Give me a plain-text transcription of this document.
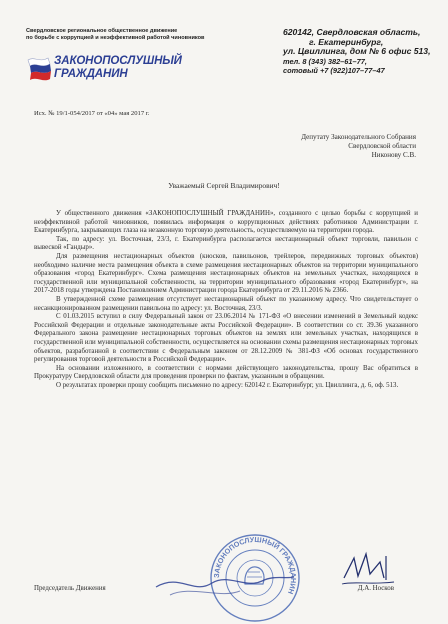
Свердловское региональное общественное движение
по борьбе с коррупцией и неэффективной работой чиновников
ЗАКОНОПОСЛУШНЫЙ
ГРАЖДАНИН
620142, Свердловская область,
г. Екатеринбург,
ул. Цвиллинга, дом № 6 офис 513,
тел. 8 (343) 382–61–77,
сотовый +7 (922)107–77–47
Исх. № 19/1-054/2017 от «04» мая 2017 г.
Депутату Законодательного Собрания
Свердловской области
Никонову С.В.
Уважаемый Сергей Владимирович!

У общественного движения «ЗАКОНОПОСЛУШНЫЙ ГРАЖДАНИН», созданного с целью борьбы с коррупцией и неэффективной работой чиновников, появилась информация о коррупционных действиях работников Администрации г. Екатеринбурга, закрывающих глаза на незаконную торговую деятельность, осуществляемую на территории города.

Так, по адресу: ул. Восточная, 23/3, г. Екатеринбурга располагается нестационарный объект торговли, павильон с вывеской «Гандыр».

Для размещения нестационарных объектов (киосков, павильонов, трейлеров, передвижных торговых объектов) необходимо наличие места размещения объекта в схеме размещения нестационарных объектов на территории муниципального образования «город Екатеринбург». Схема размещения нестационарных объектов на земельных участках, находящихся в государственной или муниципальной собственности, на территории муниципального образования «город Екатеринбург», на 2017-2018 годы утверждена Постановлением Администрации города Екатеринбурга от 29.11.2016 № 2366.

В утвержденной схеме размещения отсутствует нестационарный объект по указанному адресу. Что свидетельствует о несанкционированном размещении павильона по адресу: ул. Восточная, 23/3.

С 01.03.2015 вступил в силу Федеральный закон от 23.06.2014 № 171-ФЗ «О внесении изменений в Земельный кодекс Российской Федерации и отдельные законодательные акты Российской Федерации». В соответствии со ст. 39.36 указанного Федерального закона размещение нестационарных торговых объектов на землях или земельных участках, находящихся в государственной или муниципальной собственности, осуществляется на основании схемы размещения нестационарных торговых объектов, разработанной в соответствии с Федеральным законом от 28.12.2009 № 381-ФЗ «Об основах государственного регулирования торговой деятельности в Российской Федерации».

На основании изложенного, в соответствии с нормами действующего законодательства, прошу Вас обратиться в Прокуратуру Свердловской области для проведения проверки по фактам, указанным в обращении.

О результатах проверки прошу сообщить письменно по адресу: 620142 г. Екатеринбург, ул. Цвиллинга, д. 6, оф. 513.

ЗАКОНОПОСЛУШНЫЙ ГРАЖДАНИН
Председатель Движения	Д.А. Носков
